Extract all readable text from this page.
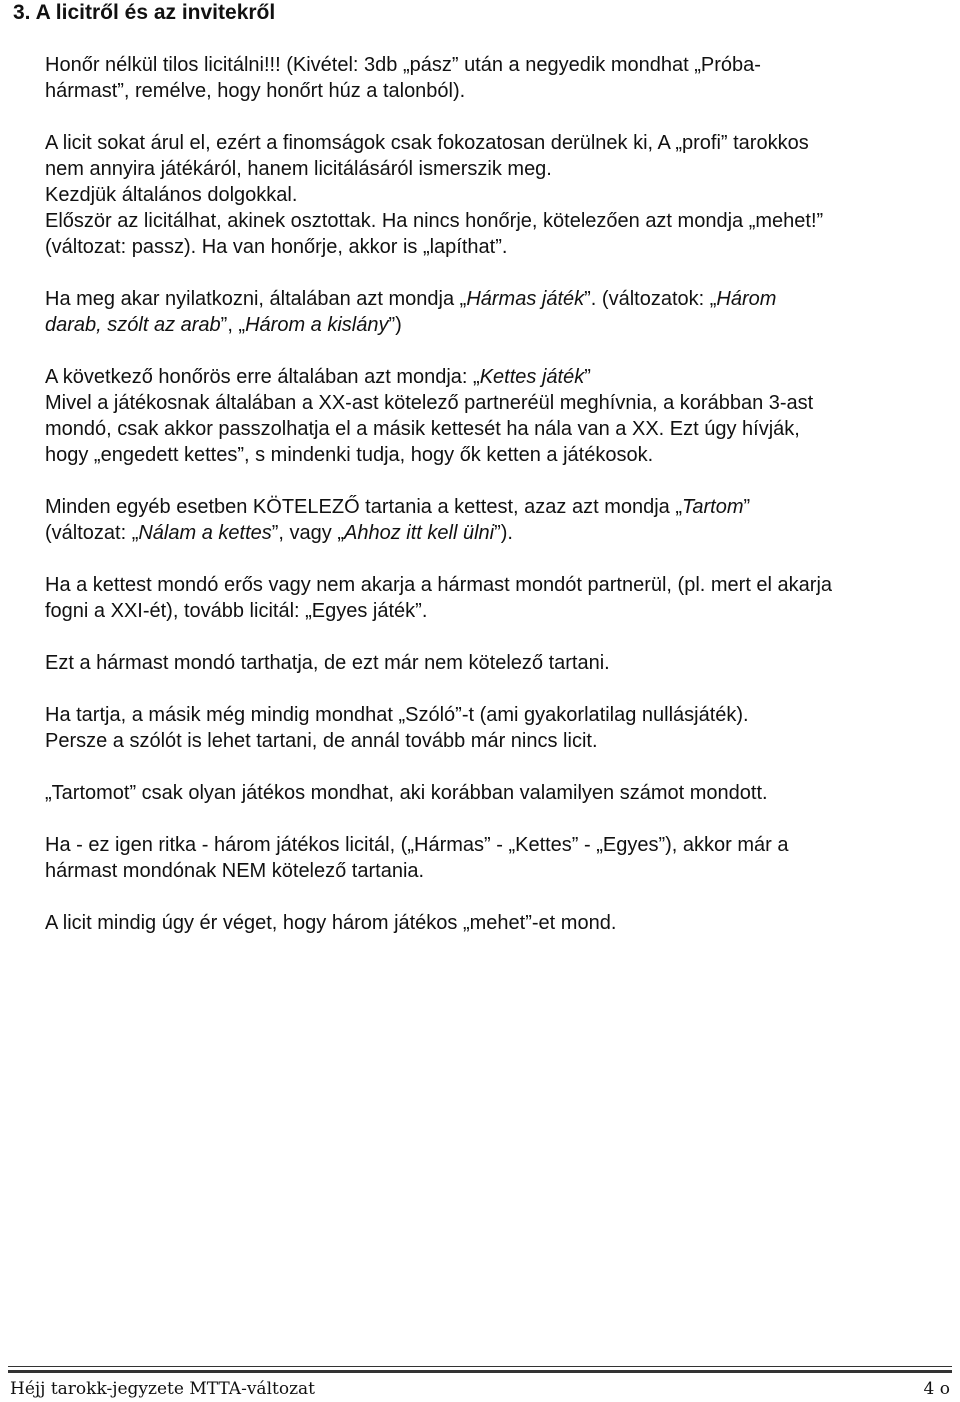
3. A licitről és az invitekről

Honőr nélkül tilos licitálni!!! (Kivétel: 3db „pász” után a negyedik mondhat „Próba-
hármast”, remélve, hogy honőrt húz a talonból).

A licit sokat árul el, ezért a finomságok csak fokozatosan derülnek ki, A „profi” tarokkos
nem annyira játékáról, hanem licitálásáról ismerszik meg.
Kezdjük általános dolgokkal.
Először az licitálhat, akinek osztottak. Ha nincs honőrje, kötelezően azt mondja „mehet!”
(változat: passz). Ha van honőrje, akkor is „lapíthat”.

Ha meg akar nyilatkozni, általában azt mondja „Hármas játék”. (változatok: „Három
darab, szólt az arab”, „Három a kislány”)

A következő honőrös erre általában azt mondja: „Kettes játék”
Mivel a játékosnak általában a XX-ast kötelező partneréül meghívnia, a korábban 3-ast
mondó, csak akkor passzolhatja el a másik kettesét ha nála van a XX. Ezt úgy hívják,
hogy „engedett kettes”, s mindenki tudja, hogy ők ketten a játékosok.

Minden egyéb esetben KÖTELEZŐ tartania a kettest, azaz azt mondja „Tartom”
(változat: „Nálam a kettes”, vagy „Ahhoz itt kell ülni”).

Ha a kettest mondó erős vagy nem akarja a hármast mondót partnerül, (pl. mert el akarja
fogni a XXI-ét), tovább licitál: „Egyes játék”.

Ezt a hármast mondó tarthatja, de ezt már nem kötelező tartani.

Ha tartja, a másik még mindig mondhat „Szóló”-t (ami gyakorlatilag nullásjáték).
Persze a szólót is lehet tartani, de annál tovább már nincs licit.

„Tartomot” csak olyan játékos mondhat, aki korábban valamilyen számot mondott.

Ha - ez igen ritka - három játékos licitál, („Hármas” - „Kettes” - „Egyes”), akkor már a
hármast mondónak NEM kötelező tartania.

A licit mindig úgy ér véget, hogy három játékos „mehet”-et mond.

Héjj tarokk-jegyzete MTTA-változat	4 o
